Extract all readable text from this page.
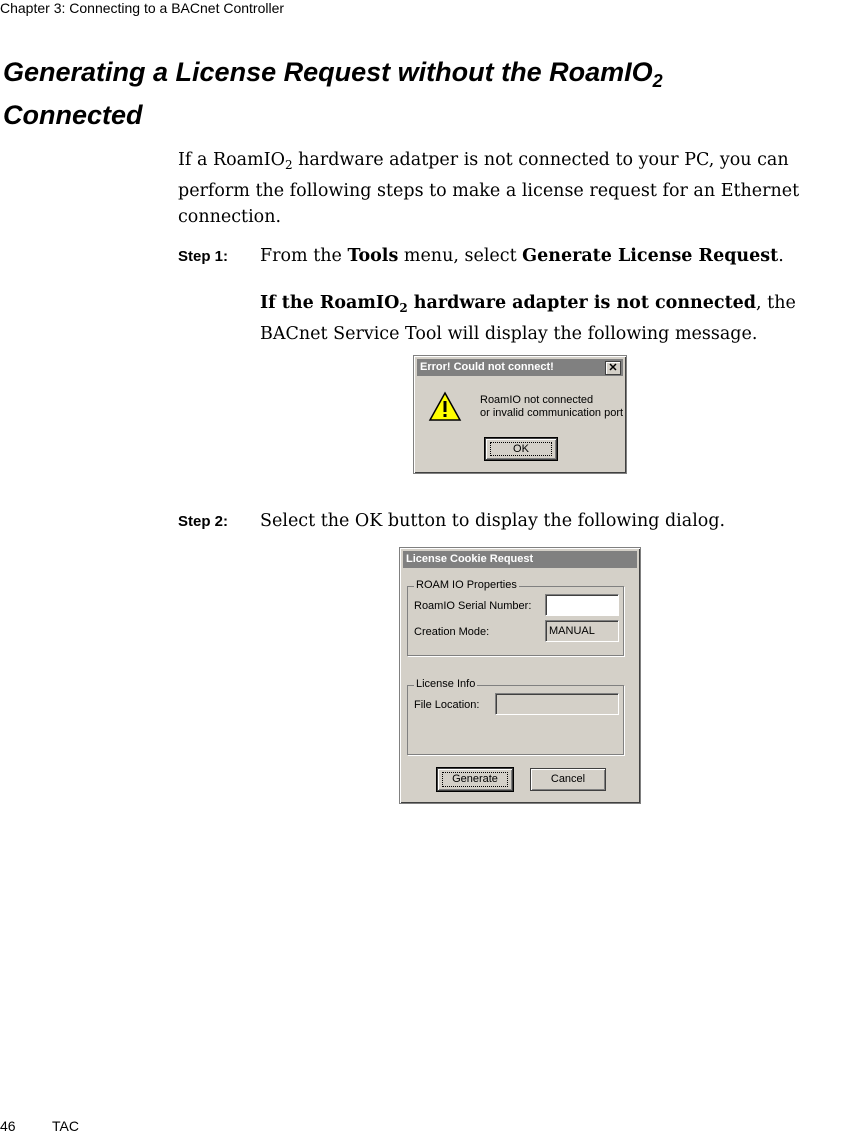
Chapter 3: Connecting to a BACnet Controller
Generating a License Request without the RoamIO$_2$
Connected
If a RoamIO$_2$ hardware adatper is not connected to your PC, you can perform the following steps to make a license request for an Ethernet connection.
Step 1: From the Tools menu, select Generate License Request.
If the RoamIO$_2$ hardware adapter is not connected, the BACnet Service Tool will display the following message.
Error! Could not connect!	✕
RoamIO not connected
or invalid communication port
OK
Step 2: Select the OK button to display the following dialog.
License Cookie Request
ROAM IO Properties
RoamIO Serial Number:
Creation Mode:	MANUAL
License Info
File Location:
Generate	Cancel
46	TAC
